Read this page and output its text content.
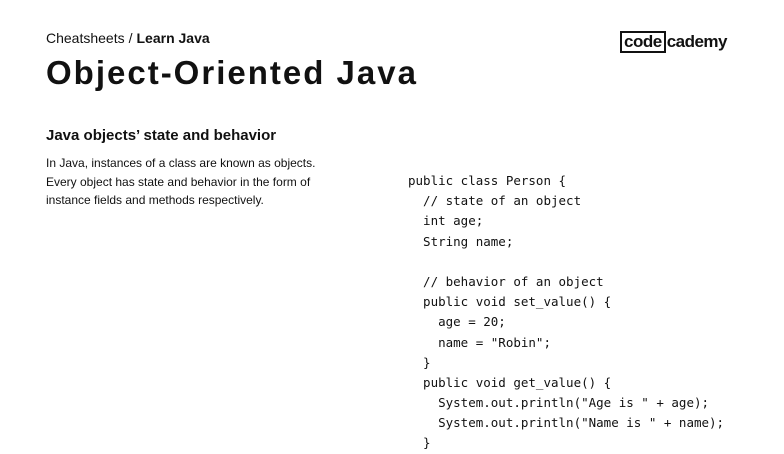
Cheatsheets / Learn Java	code cademy
Object-Oriented Java
Java objects’ state and behavior

In Java, instances of a class are known as objects. Every object has state and behavior in the form of instance fields and methods respectively.

public class Person {
// state of an object
int age;
String name;
// behavior of an object
public void set_value() {
age = 20;
name = "Robin";
}
public void get_value() {
System.out.println("Age is " + age);
System.out.println("Name is " + name);
}
